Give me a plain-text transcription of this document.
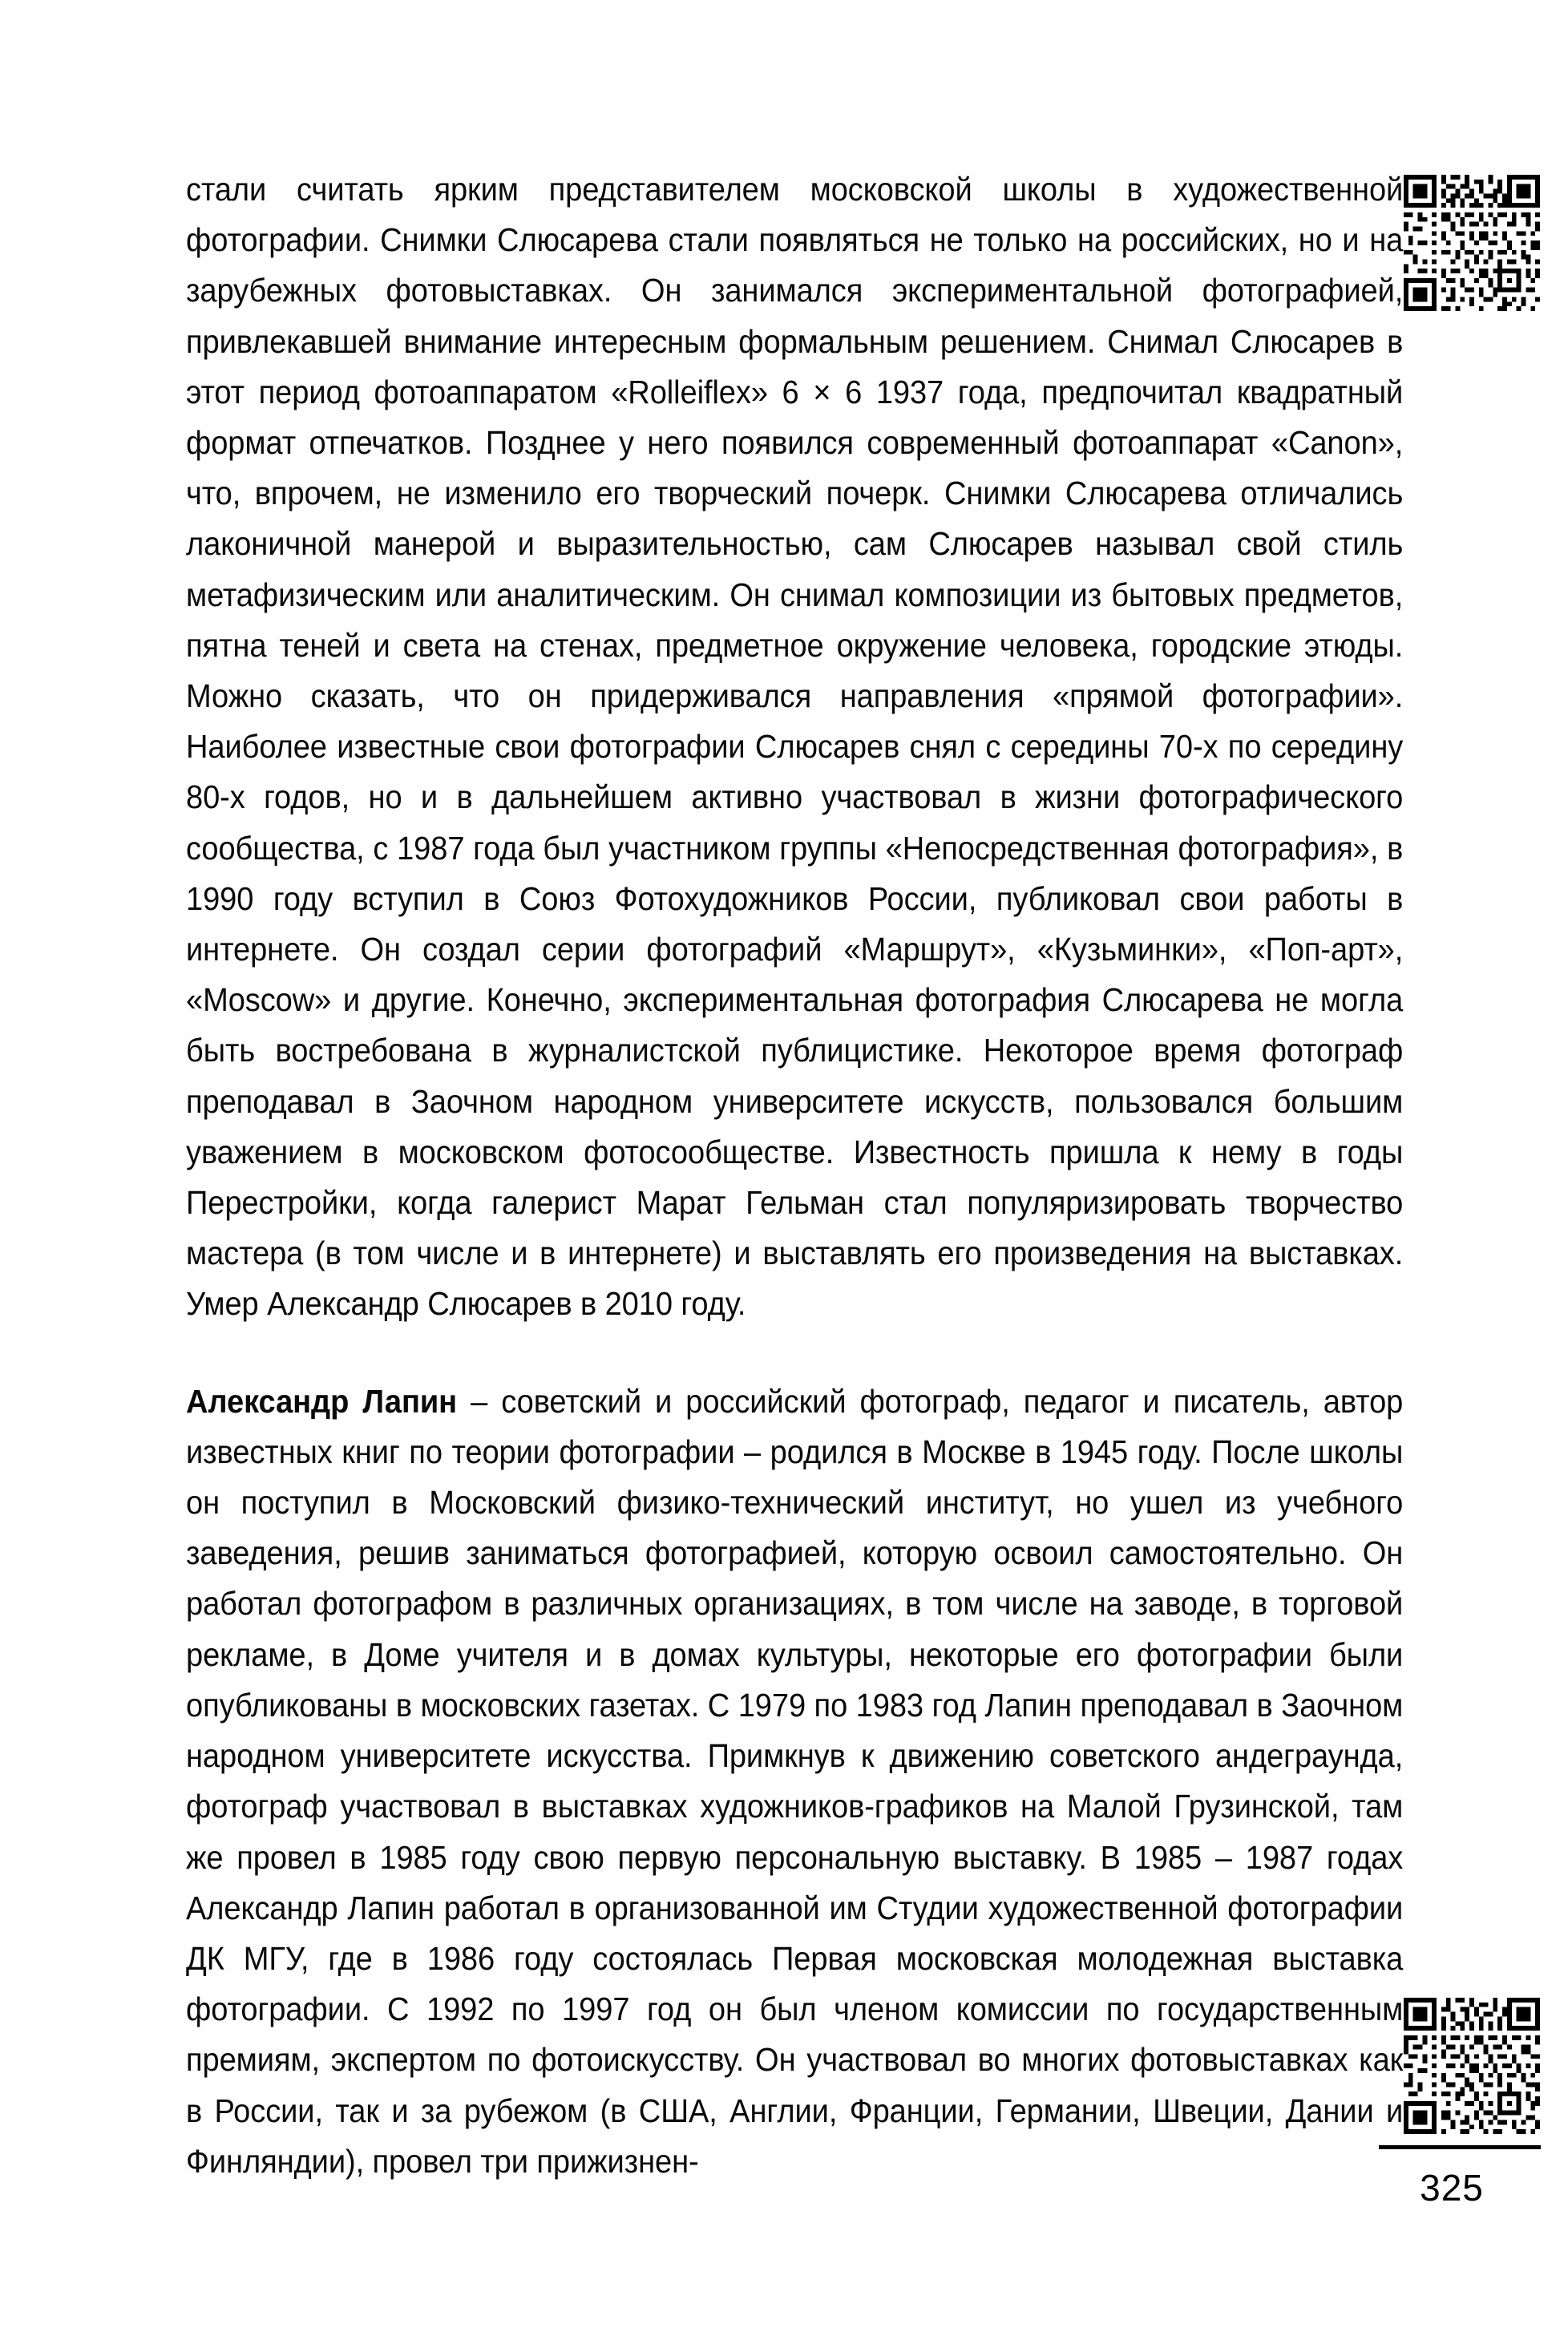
стали считать ярким представителем московской школы в художественной фотографии. Снимки Слюсарева стали появляться не только на российских, но и на зарубежных фотовыставках. Он занимался экспериментальной фотографией, привлекавшей внимание интересным формальным решением. Снимал Слюсарев в этот период фотоаппаратом «Rolleiflex» 6 × 6 1937 года, предпочитал квадратный формат отпечатков. Позднее у него появился современный фотоаппарат «Canon», что, впрочем, не изменило его творческий почерк. Снимки Слюсарева отличались лаконичной манерой и выразительностью, сам Слюсарев называл свой стиль метафизическим или аналитическим. Он снимал композиции из бытовых предметов, пятна теней и света на стенах, предметное окружение человека, городские этюды. Можно сказать, что он придерживался направления «прямой фотографии». Наиболее известные свои фотографии Слюсарев снял с середины 70-х по середину 80-х годов, но и в дальнейшем активно участвовал в жизни фотографического сообщества, с 1987 года был участником группы «Непосредственная фотография», в 1990 году вступил в Союз Фотохудожников России, публиковал свои работы в интернете. Он создал серии фотографий «Маршрут», «Кузьминки», «Поп-арт», «Moscow» и другие. Конечно, экспериментальная фотография Слюсарева не могла быть востребована в журналистской публицистике. Некоторое время фотограф преподавал в Заочном народном университете искусств, пользовался большим уважением в московском фотосообществе. Известность пришла к нему в годы Перестройки, когда галерист Марат Гельман стал популяризировать творчество мастера (в том числе и в интернете) и выставлять его произведения на выставках. Умер Александр Слюсарев в 2010 году.

Александр Лапин – советский и российский фотограф, педагог и писатель, автор известных книг по теории фотографии – родился в Москве в 1945 году. После школы он поступил в Московский физико-технический институт, но ушел из учебного заведения, решив заниматься фотографией, которую освоил самостоятельно. Он работал фотографом в различных организациях, в том числе на заводе, в торговой рекламе, в Доме учителя и в домах культуры, некоторые его фотографии были опубликованы в московских газетах. С 1979 по 1983 год Лапин преподавал в Заочном народном университете искусства. Примкнув к движению советского андеграунда, фотограф участвовал в выставках художников-графиков на Малой Грузинской, там же провел в 1985 году свою первую персональную выставку. В 1985 – 1987 годах Александр Лапин работал в организованной им Студии художественной фотографии ДК МГУ, где в 1986 году состоялась Первая московская молодежная выставка фотографии. С 1992 по 1997 год он был членом комиссии по государственным премиям, экспертом по фотоискусству. Он участвовал во многих фотовыставках как в России, так и за рубежом (в США, Англии, Франции, Германии, Швеции, Дании и Финляндии), провел три прижизнен-

325
